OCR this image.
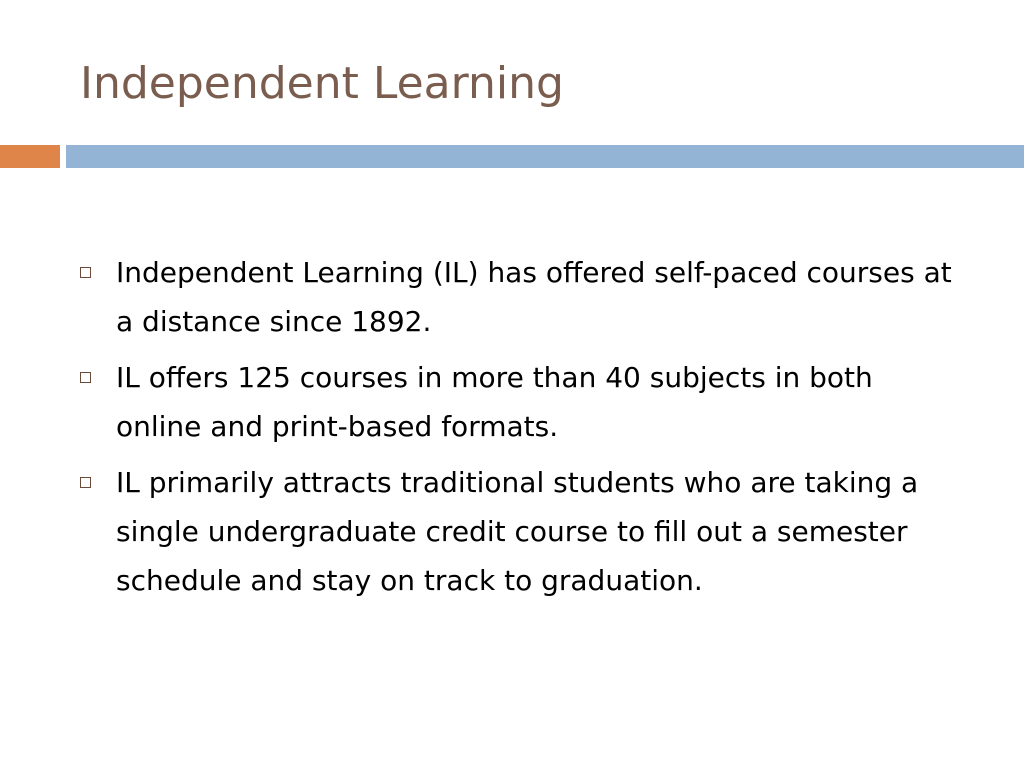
Independent Learning
Independent Learning (IL) has offered self-paced courses at a distance since 1892.
IL offers 125 courses in more than 40 subjects in both online and print-based formats.
IL primarily attracts traditional students who are taking a single undergraduate credit course to fill out a semester schedule and stay on track to graduation.
